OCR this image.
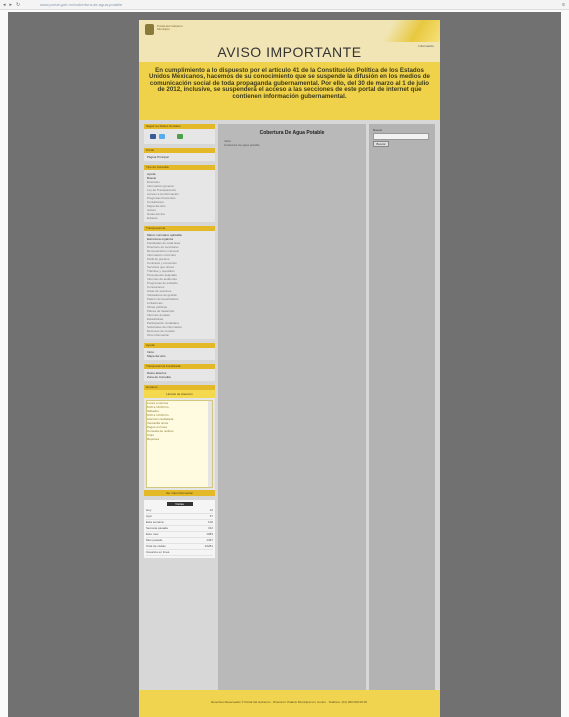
◂ ▸ ↻	www.portal.gob.mx/cobertura-de-agua-potable	≡
Portal del Gobierno · Municipio
Información
AVISO IMPORTANTE

En cumplimiento a lo dispuesto por el artículo 41 de la Constitución Política de los Estados Unidos Mexicanos, hacemos de su conocimiento que se suspende la difusión en los medios de comunicación social de toda propaganda gubernamental. Por ello, del 30 de marzo al 1 de julio de 2012, inclusive, se suspenderá el acceso a las secciones de este portal de internet que contienen información gubernamental.

Seguir en Redes Sociales
Portal
Página Principal
Tipo de Consulta
Ayuda
Buscar
Directorio
Información general
Ley de Transparencia
Acceso a la información
Preguntas frecuentes
Contáctanos
Mapa del sitio
Avisos
Notas del día
Enlaces
Transparencia
Marco normativo aplicable
Estructura orgánica
Facultades de cada área
Directorio de servidores
Remuneración mensual
Información curricular
Perfil de puestos
Contratos y convenios
Servicios que ofrece
Trámites y requisitos
Presupuesto asignado
Informes de auditorías
Programas de subsidio
Concesiones
Actas de sesiones
Indicadores de gestión
Padrón de beneficiarios
Licitaciones
Obras públicas
Planes de desarrollo
Informes anuales
Estadísticas
Participación ciudadana
Solicitudes de información
Recursos de revisión
Otra información
Ayuda
Inicio
Mapa del sitio
Transparencia Focalizada
Datos abiertos
Zona de Consulta
Horarios
Horario de Atención
Lunes a viernes
8:00 a 16:00 hrs.
Sábados
9:00 a 13:00 hrs.
Atención ciudadana
Ventanilla única
Pagos en línea
Consulta de recibos
Citas
Reportes
Ver más información
Visitas
Hoy	12
Ayer	37
Esta semana	126
Semana pasada	312
Este mes	1083
Mes pasado	1497
Total de visitas	10281
Usuarios en línea
Cobertura De Agua Potable
Inicio
Cobertura de agua potable
Buscar
Buscar
Derechos Reservados © Portal del Gobierno · Dirección: Palacio Municipal s/n, Centro · Teléfono: (01) 000 000 00 00
